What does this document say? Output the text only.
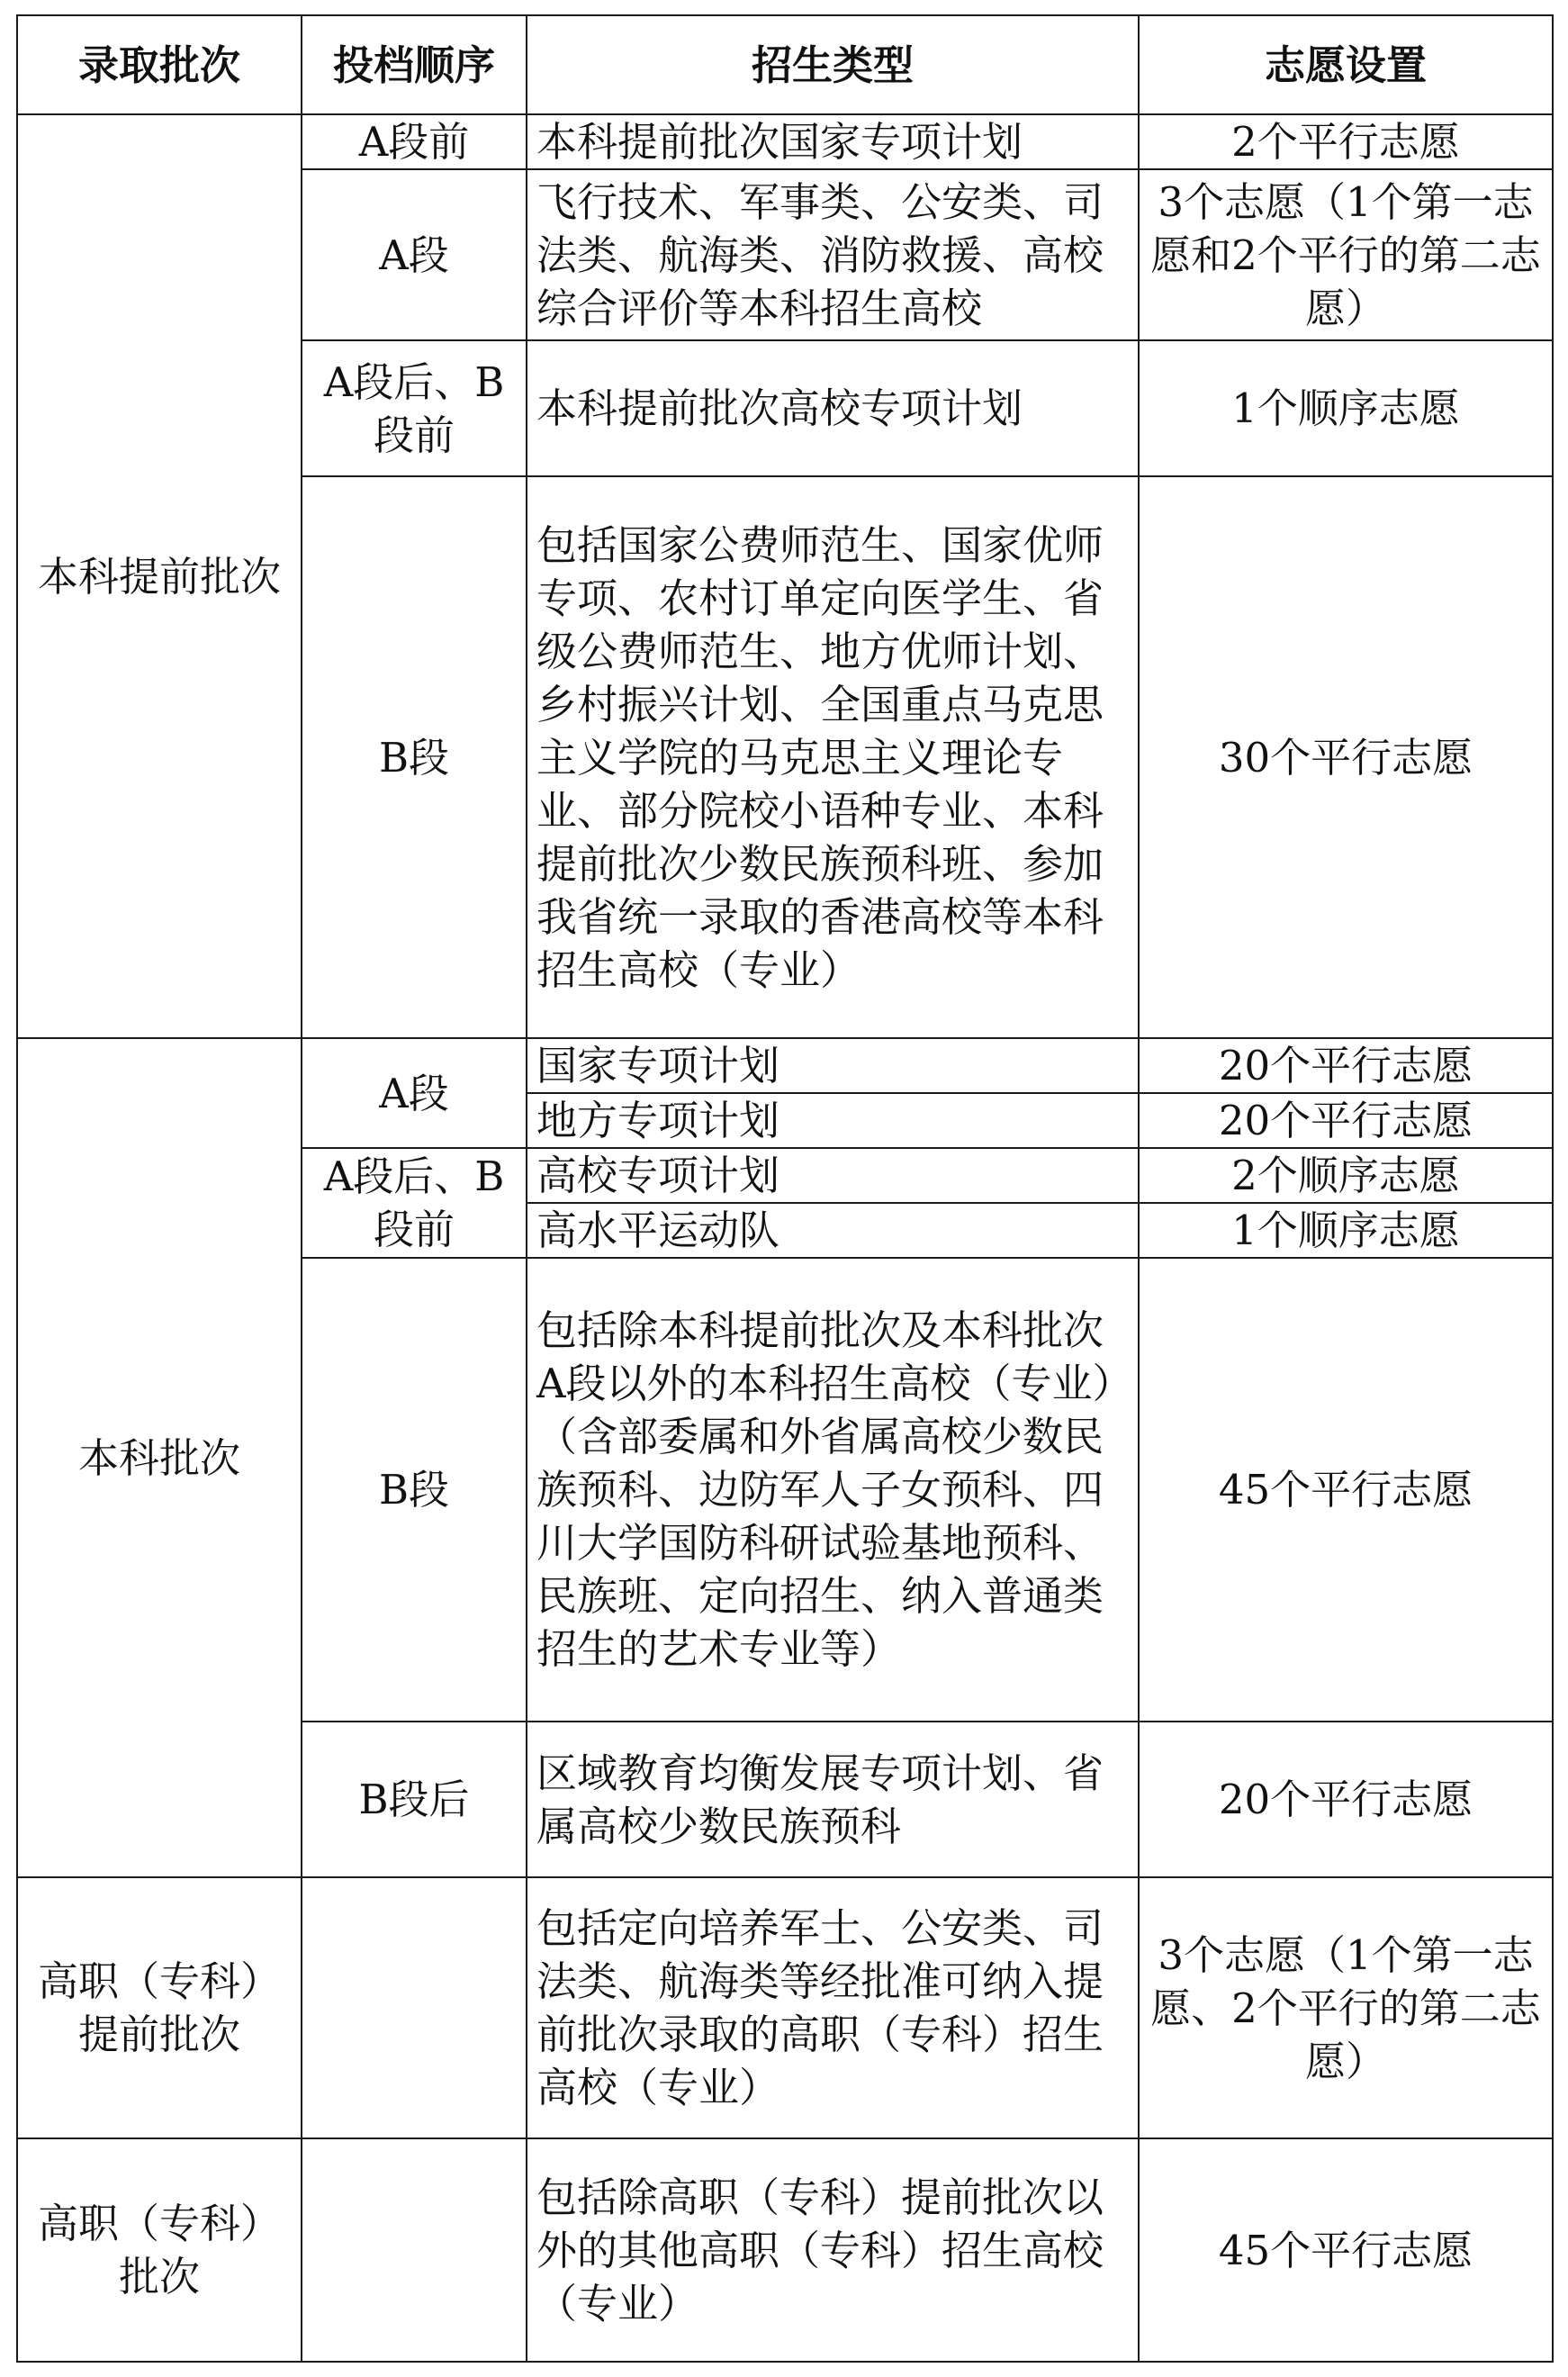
录取批次	投档顺序	招生类型	志愿设置
本科提前批次	A段前	本科提前批次国家专项计划	2个平行志愿
	A段	飞行技术、军事类、公安类、司法类、航海类、消防救援、高校综合评价等本科招生高校	3个志愿（1个第一志愿和2个平行的第二志愿）
	A段后、B段前	本科提前批次高校专项计划	1个顺序志愿
	B段	包括国家公费师范生、国家优师专项、农村订单定向医学生、省级公费师范生、地方优师计划、乡村振兴计划、全国重点马克思主义学院的马克思主义理论专业、部分院校小语种专业、本科提前批次少数民族预科班、参加我省统一录取的香港高校等本科招生高校（专业）	30个平行志愿
本科批次	A段	国家专项计划	20个平行志愿
		地方专项计划	20个平行志愿
	A段后、B段前	高校专项计划	2个顺序志愿
		高水平运动队	1个顺序志愿
	B段	包括除本科提前批次及本科批次A段以外的本科招生高校（专业）（含部委属和外省属高校少数民族预科、边防军人子女预科、四川大学国防科研试验基地预科、民族班、定向招生、纳入普通类招生的艺术专业等）	45个平行志愿
	B段后	区域教育均衡发展专项计划、省属高校少数民族预科	20个平行志愿
高职（专科）提前批次		包括定向培养军士、公安类、司法类、航海类等经批准可纳入提前批次录取的高职（专科）招生高校（专业）	3个志愿（1个第一志愿、2个平行的第二志愿）
高职（专科）批次		包括除高职（专科）提前批次以外的其他高职（专科）招生高校（专业）	45个平行志愿
